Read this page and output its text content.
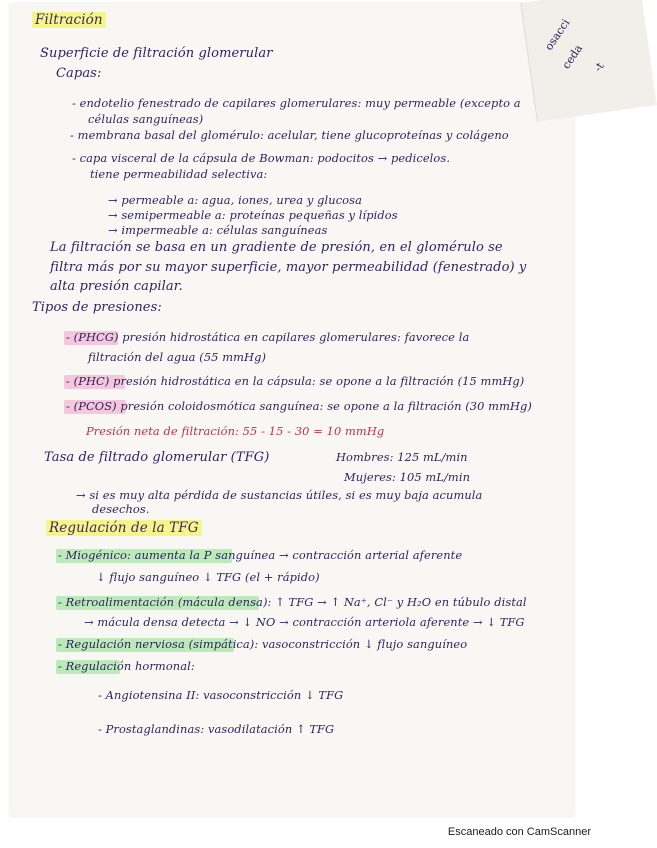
osacci
ceda -t
Filtración
Superficie de filtración glomerular
Capas:
- endotelio fenestrado de capilares glomerulares: muy permeable (excepto a
células sanguíneas)
- membrana basal del glomérulo: acelular, tiene glucoproteínas y colágeno
- capa visceral de la cápsula de Bowman: podocitos → pedicelos.
tiene permeabilidad selectiva:
→ permeable a: agua, iones, urea y glucosa
→ semipermeable a: proteínas pequeñas y lípidos
→ impermeable a: células sanguíneas
La filtración se basa en un gradiente de presión, en el glomérulo se
filtra más por su mayor superficie, mayor permeabilidad (fenestrado) y
alta presión capilar.
Tipos de presiones:
- (PHCG) presión hidrostática en capilares glomerulares: favorece la
filtración del agua (55 mmHg)
- (PHC) presión hidrostática en la cápsula: se opone a la filtración (15 mmHg)
- (PCOS) presión coloidosmótica sanguínea: se opone a la filtración (30 mmHg)
Presión neta de filtración: 55 - 15 - 30 = 10 mmHg
Tasa de filtrado glomerular (TFG)	Hombres: 125 mL/min
Mujeres: 105 mL/min
→ si es muy alta pérdida de sustancias útiles, si es muy baja acumula
desechos.
Regulación de la TFG
- Miogénico: aumenta la P sanguínea → contracción arterial aferente
↓ flujo sanguíneo ↓ TFG (el + rápido)
- Retroalimentación (mácula densa): ↑ TFG → ↑ Na⁺, Cl⁻ y H₂O en túbulo distal
→ mácula densa detecta → ↓ NO → contracción arteriola aferente → ↓ TFG
- Regulación nerviosa (simpática): vasoconstricción ↓ flujo sanguíneo
- Regulación hormonal:
- Angiotensina II: vasoconstricción ↓ TFG
- Prostaglandinas: vasodilatación ↑ TFG
Escaneado con CamScanner
